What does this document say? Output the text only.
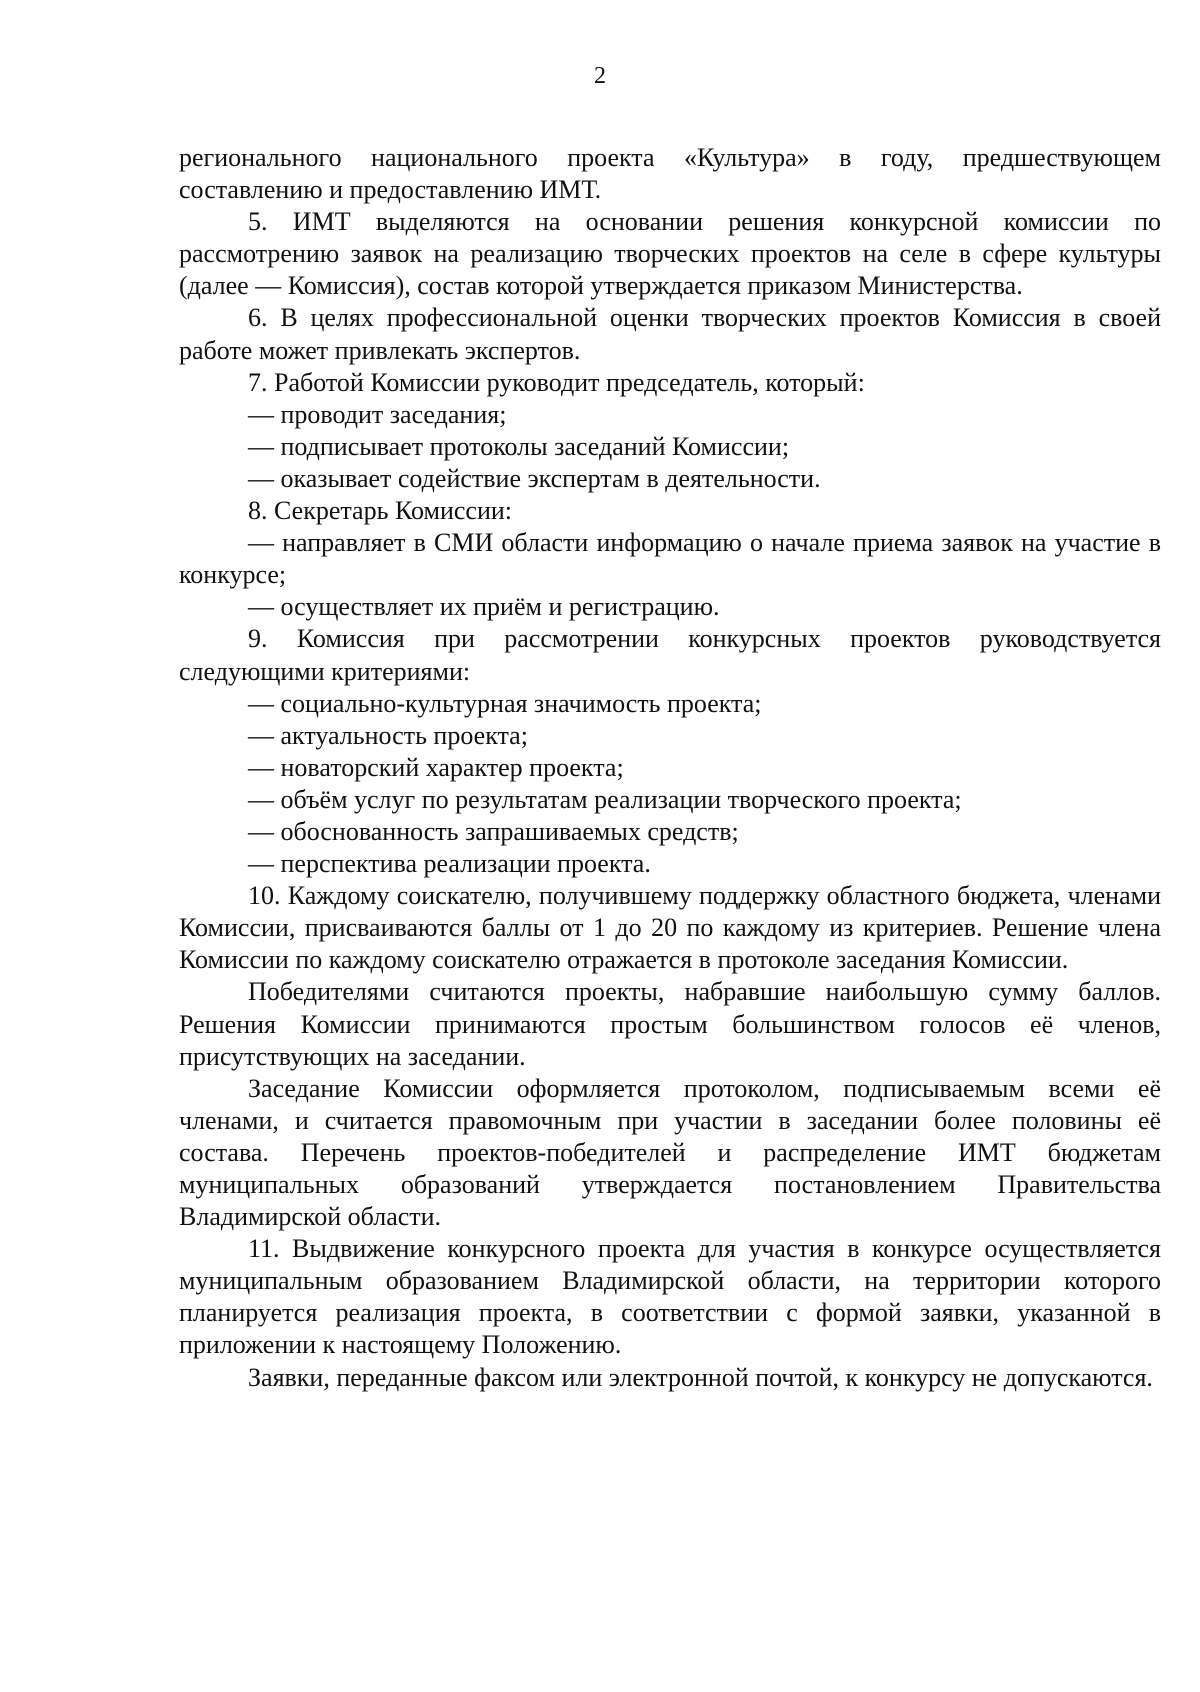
2

регионального национального проекта «Культура» в году, предшествующем составлению и предоставлению ИМТ.

5. ИМТ выделяются на основании решения конкурсной комиссии по рассмотрению заявок на реализацию творческих проектов на селе в сфере культуры (далее — Комиссия), состав которой утверждается приказом Министерства.

6. В целях профессиональной оценки творческих проектов Комиссия в своей работе может привлекать экспертов.

7. Работой Комиссии руководит председатель, который:

— проводит заседания;

— подписывает протоколы заседаний Комиссии;

— оказывает содействие экспертам в деятельности.

8. Секретарь Комиссии:

— направляет в СМИ области информацию о начале приема заявок на участие в конкурсе;

— осуществляет их приём и регистрацию.

9. Комиссия при рассмотрении конкурсных проектов руководствуется следующими критериями:

— социально-культурная значимость проекта;

— актуальность проекта;

— новаторский характер проекта;

— объём услуг по результатам реализации творческого проекта;

— обоснованность запрашиваемых средств;

— перспектива реализации проекта.

10. Каждому соискателю, получившему поддержку областного бюджета, членами Комиссии, присваиваются баллы от 1 до 20 по каждому из критериев. Решение члена Комиссии по каждому соискателю отражается в протоколе заседания Комиссии.

Победителями считаются проекты, набравшие наибольшую сумму баллов. Решения Комиссии принимаются простым большинством голосов её членов, присутствующих на заседании.

Заседание Комиссии оформляется протоколом, подписываемым всеми её членами, и считается правомочным при участии в заседании более половины её состава. Перечень проектов-победителей и распределение ИМТ бюджетам муниципальных образований утверждается постановлением Правительства Владимирской области.

11. Выдвижение конкурсного проекта для участия в конкурсе осуществляется муниципальным образованием Владимирской области, на территории которого планируется реализация проекта, в соответствии с формой заявки, указанной в приложении к настоящему Положению.

Заявки, переданные факсом или электронной почтой, к конкурсу не допускаются.
